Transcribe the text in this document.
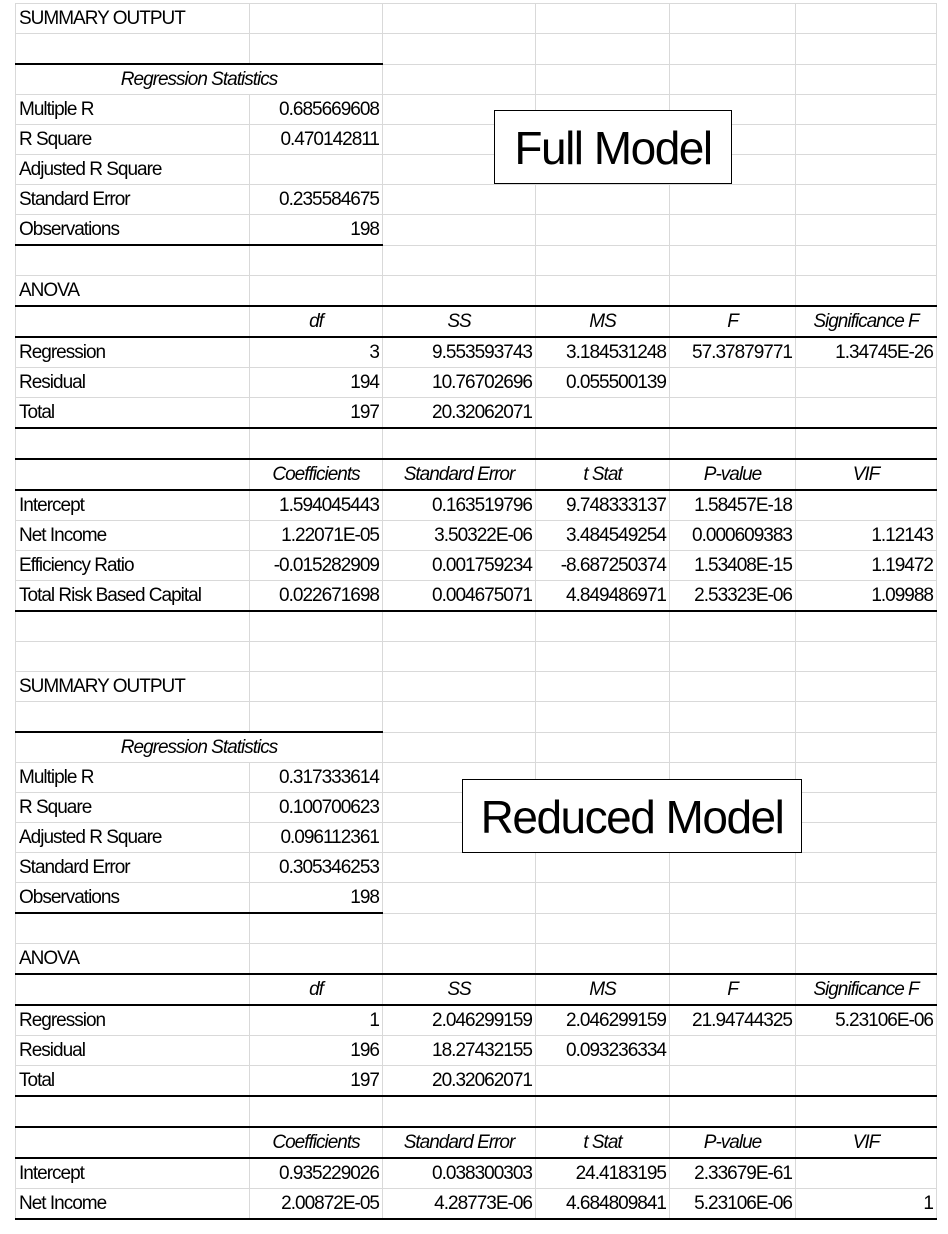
SUMMARY OUTPUT					

Regression Statistics					
Multiple R	0.685669608				
R Square	0.470142811				
Adjusted R Square					
Standard Error	0.235584675				
Observations	198				

ANOVA					
	df	SS	MS	F	Significance F
Regression	3	9.553593743	3.184531248	57.37879771	1.34745E-26
Residual	194	10.76702696	0.055500139		
Total	197	20.32062071			

	Coefficients	Standard Error	t Stat	P-value	VIF
Intercept	1.594045443	0.163519796	9.748333137	1.58457E-18	
Net Income	1.22071E-05	3.50322E-06	3.484549254	0.000609383	1.12143
Efficiency Ratio	-0.015282909	0.001759234	-8.687250374	1.53408E-15	1.19472
Total Risk Based Capital	0.022671698	0.004675071	4.849486971	2.53323E-06	1.09988

SUMMARY OUTPUT					

Regression Statistics					
Multiple R	0.317333614				
R Square	0.100700623				
Adjusted R Square	0.096112361				
Standard Error	0.305346253				
Observations	198				

ANOVA					
	df	SS	MS	F	Significance F
Regression	1	2.046299159	2.046299159	21.94744325	5.23106E-06
Residual	196	18.27432155	0.093236334		
Total	197	20.32062071			

	Coefficients	Standard Error	t Stat	P-value	VIF
Intercept	0.935229026	0.038300303	24.4183195	2.33679E-61	
Net Income	2.00872E-05	4.28773E-06	4.684809841	5.23106E-06	1
Full Model
Reduced Model
